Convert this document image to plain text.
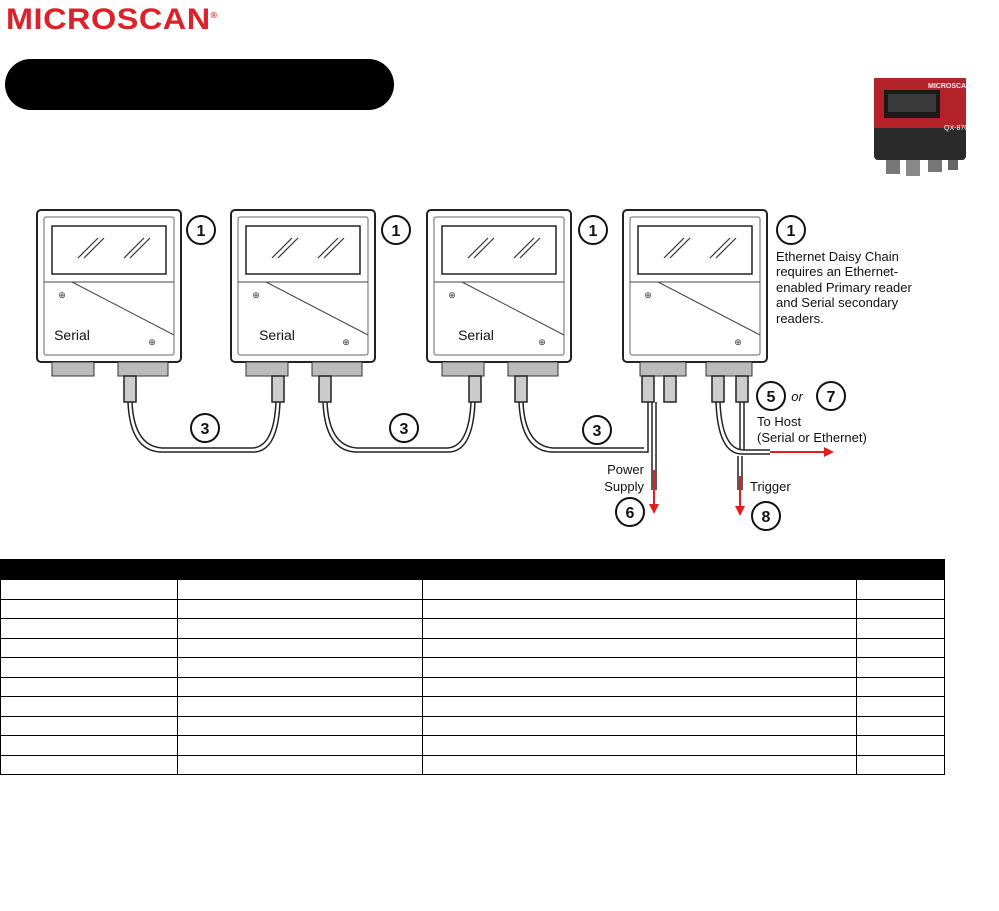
MICROSCAN®
MICROSCAN
QX-870
⊕
⊕
Serial
1
⊕
⊕
Serial
1
⊕
⊕
Serial
1
⊕
⊕
1
Ethernet Daisy Chain
requires an Ethernet-
enabled Primary reader
and Serial secondary
readers.
3	3	3
5 or 7
To Host
(Serial or Ethernet)
Power
Supply
6
Trigger
8
